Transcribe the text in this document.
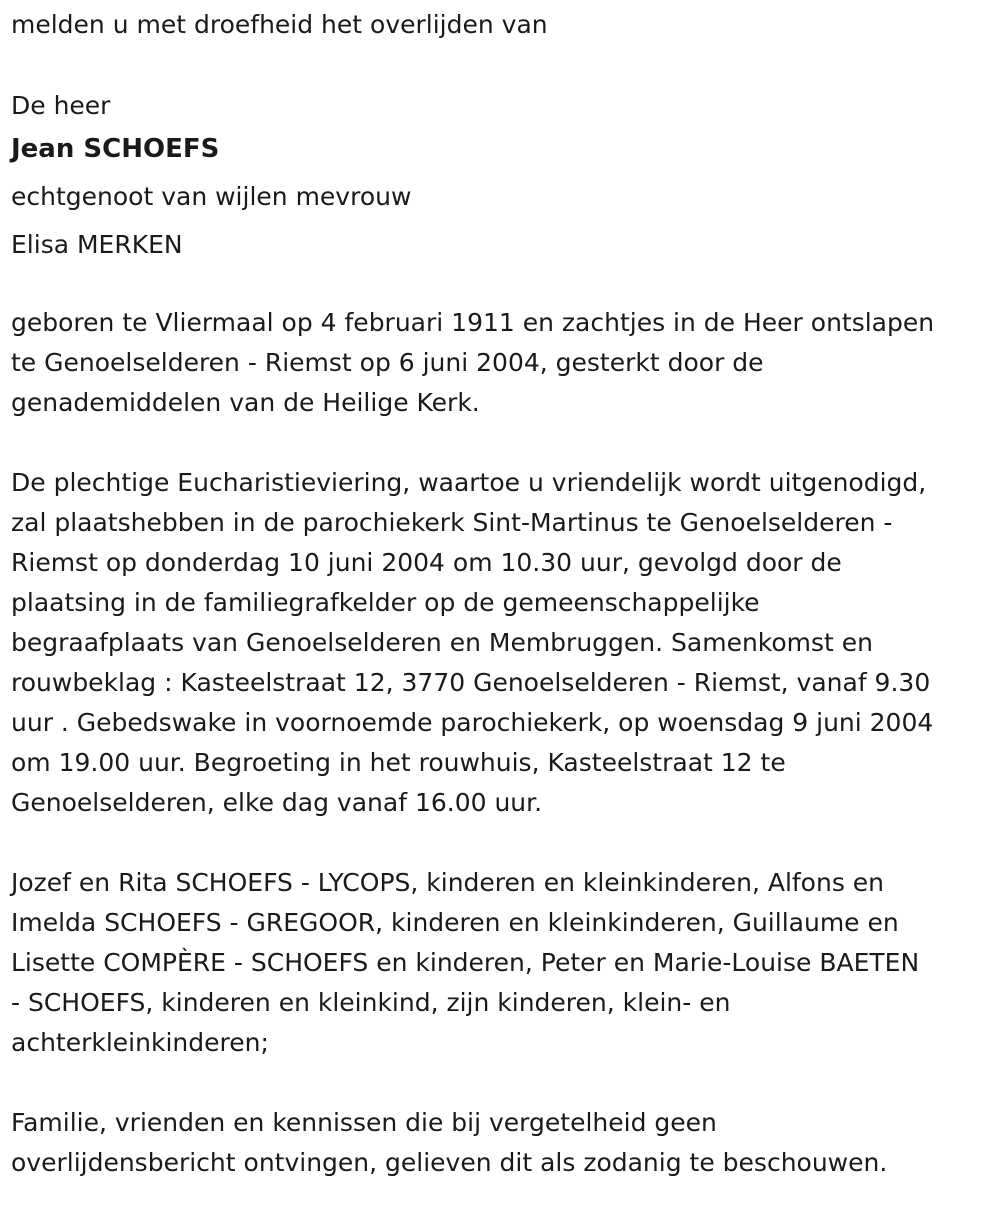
melden u met droefheid het overlijden van

De heer

Jean SCHOEFS

echtgenoot van wijlen mevrouw

Elisa MERKEN

geboren te Vliermaal op 4 februari 1911 en zachtjes in de Heer ontslapen

te Genoelselderen - Riemst op 6 juni 2004, gesterkt door de

genademiddelen van de Heilige Kerk.

De plechtige Eucharistieviering, waartoe u vriendelijk wordt uitgenodigd,

zal plaatshebben in de parochiekerk Sint-Martinus te Genoelselderen -

Riemst op donderdag 10 juni 2004 om 10.30 uur, gevolgd door de

plaatsing in de familiegrafkelder op de gemeenschappelijke

begraafplaats van Genoelselderen en Membruggen. Samenkomst en

rouwbeklag : Kasteelstraat 12, 3770 Genoelselderen - Riemst, vanaf 9.30

uur . Gebedswake in voornoemde parochiekerk, op woensdag 9 juni 2004

om 19.00 uur. Begroeting in het rouwhuis, Kasteelstraat 12 te

Genoelselderen, elke dag vanaf 16.00 uur.

Jozef en Rita SCHOEFS - LYCOPS, kinderen en kleinkinderen, Alfons en

Imelda SCHOEFS - GREGOOR, kinderen en kleinkinderen, Guillaume en

Lisette COMPÈRE - SCHOEFS en kinderen, Peter en Marie-Louise BAETEN

- SCHOEFS, kinderen en kleinkind, zijn kinderen, klein- en

achterkleinkinderen;

Familie, vrienden en kennissen die bij vergetelheid geen

overlijdensbericht ontvingen, gelieven dit als zodanig te beschouwen.
